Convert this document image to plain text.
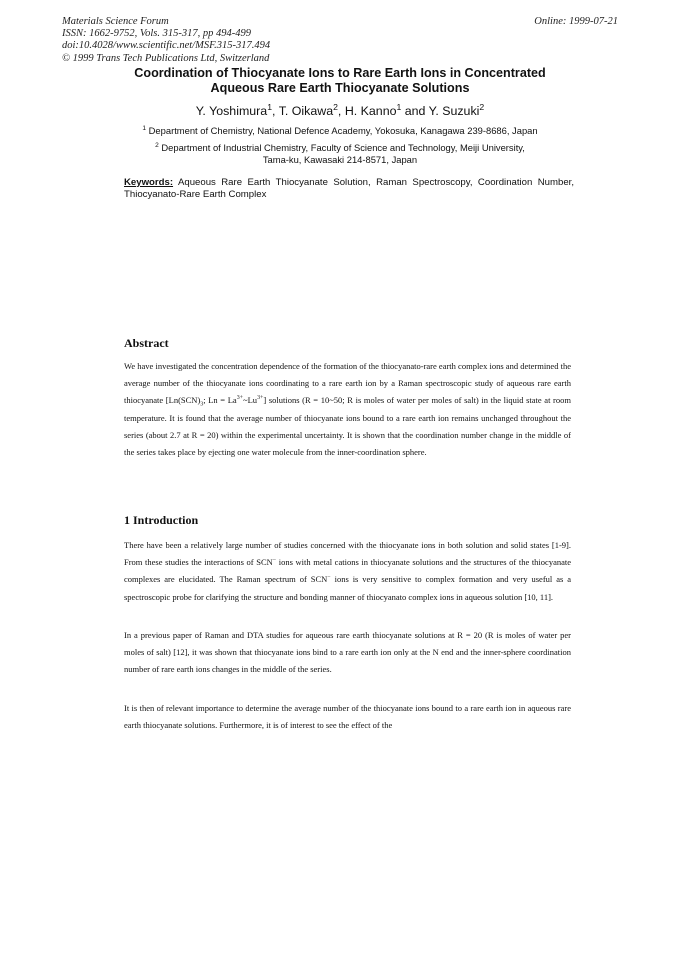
Materials Science Forum
ISSN: 1662-9752, Vols. 315-317, pp 494-499
doi:10.4028/www.scientific.net/MSF.315-317.494
© 1999 Trans Tech Publications Ltd, Switzerland
Online: 1999-07-21
Coordination of Thiocyanate Ions to Rare Earth Ions in Concentrated
Aqueous Rare Earth Thiocyanate Solutions
Y. Yoshimura$^1$, T. Oikawa$^2$, H. Kanno$^1$ and Y. Suzuki$^2$
$^1$ Department of Chemistry, National Defence Academy, Yokosuka, Kanagawa 239-8686, Japan
$^2$ Department of Industrial Chemistry, Faculty of Science and Technology, Meiji University,
Tama-ku, Kawasaki 214-8571, Japan
Keywords: Aqueous Rare Earth Thiocyanate Solution, Raman Spectroscopy, Coordination Number, Thiocyanato-Rare Earth Complex
Abstract

We have investigated the concentration dependence of the formation of the thiocyanato-rare earth complex ions and determined the average number of the thiocyanate ions coordinating to a rare earth ion by a Raman spectroscopic study of aqueous rare earth thiocyanate [$Ln(SCN)_3$; $Ln = La^{3+}\sim Lu^{3+}$] solutions (R = 10~50; R is moles of water per moles of salt) in the liquid state at room temperature. It is found that the average number of thiocyanate ions bound to a rare earth ion remains unchanged throughout the series (about 2.7 at R = 20) within the experimental uncertainty. It is shown that the coordination number change in the middle of the series takes place by ejecting one water molecule from the inner-coordination sphere.

1 Introduction

There have been a relatively large number of studies concerned with the thiocyanate ions in both solution and solid states [1-9]. From these studies the interactions of SCN− ions with metal cations in thiocyanate solutions and the structures of the thiocyanate complexes are elucidated. The Raman spectrum of SCN− ions is very sensitive to complex formation and very useful as a spectroscopic probe for clarifying the structure and bonding manner of thiocyanato complex ions in aqueous solution [10, 11].

In a previous paper of Raman and DTA studies for aqueous rare earth thiocyanate solutions at R = 20 (R is moles of water per moles of salt) [12], it was shown that thiocyanate ions bind to a rare earth ion only at the N end and the inner-sphere coordination number of rare earth ions changes in the middle of the series.

It is then of relevant importance to determine the average number of the thiocyanate ions bound to a rare earth ion in aqueous rare earth thiocyanate solutions. Furthermore, it is of interest to see the effect of the
